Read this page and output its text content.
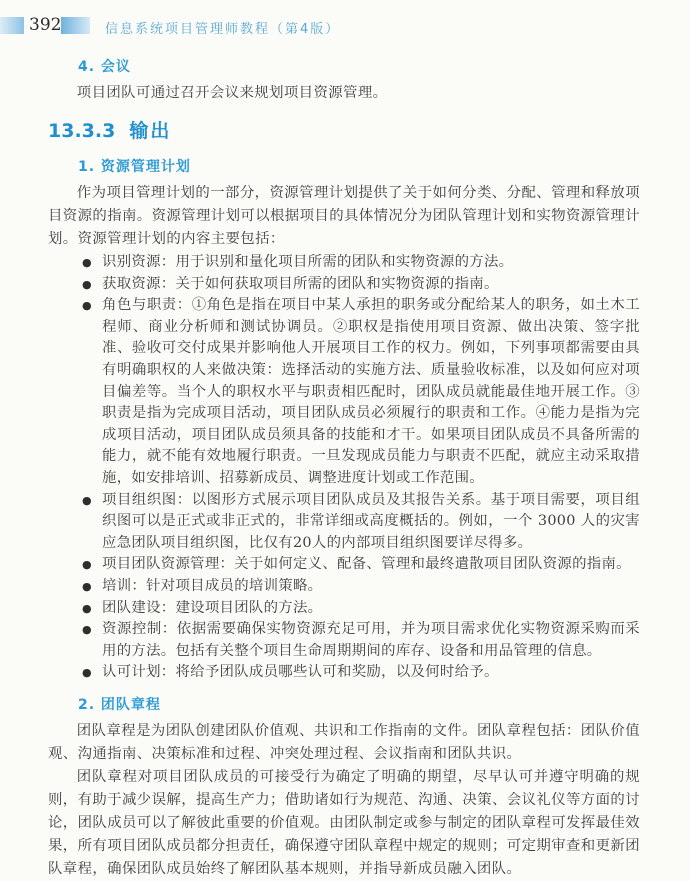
392	信息系统项目管理师教程（第4版）
4. 会议

项目团队可通过召开会议来规划项目资源管理。

13.3.3 输出
1. 资源管理计划

作为项目管理计划的一部分，资源管理计划提供了关于如何分类、分配、管理和释放项目资源的指南。资源管理计划可以根据项目的具体情况分为团队管理计划和实物资源管理计划。资源管理计划的内容主要包括：

● 识别资源：用于识别和量化项目所需的团队和实物资源的方法。
● 获取资源：关于如何获取项目所需的团队和实物资源的指南。
● 角色与职责：①角色是指在项目中某人承担的职务或分配给某人的职务，如土木工程师、商业分析师和测试协调员。②职权是指使用项目资源、做出决策、签字批准、验收可交付成果并影响他人开展项目工作的权力。例如，下列事项都需要由具有明确职权的人来做决策：选择活动的实施方法、质量验收标准，以及如何应对项目偏差等。当个人的职权水平与职责相匹配时，团队成员就能最佳地开展工作。③职责是指为完成项目活动，项目团队成员必须履行的职责和工作。④能力是指为完成项目活动，项目团队成员须具备的技能和才干。如果项目团队成员不具备所需的能力，就不能有效地履行职责。一旦发现成员能力与职责不匹配，就应主动采取措施，如安排培训、招募新成员、调整进度计划或工作范围。
● 项目组织图：以图形方式展示项目团队成员及其报告关系。基于项目需要，项目组织图可以是正式或非正式的，非常详细或高度概括的。例如，一个 3000 人的灾害应急团队项目组织图，比仅有20人的内部项目组织图要详尽得多。
● 项目团队资源管理：关于如何定义、配备、管理和最终遣散项目团队资源的指南。
● 培训：针对项目成员的培训策略。
● 团队建设：建设项目团队的方法。
● 资源控制：依据需要确保实物资源充足可用，并为项目需求优化实物资源采购而采用的方法。包括有关整个项目生命周期期间的库存、设备和用品管理的信息。
● 认可计划：将给予团队成员哪些认可和奖励，以及何时给予。
2. 团队章程

团队章程是为团队创建团队价值观、共识和工作指南的文件。团队章程包括：团队价值观、沟通指南、决策标准和过程、冲突处理过程、会议指南和团队共识。

团队章程对项目团队成员的可接受行为确定了明确的期望，尽早认可并遵守明确的规则，有助于减少误解，提高生产力；借助诸如行为规范、沟通、决策、会议礼仪等方面的讨论，团队成员可以了解彼此重要的价值观。由团队制定或参与制定的团队章程可发挥最佳效果，所有项目团队成员都分担责任，确保遵守团队章程中规定的规则；可定期审查和更新团队章程，确保团队成员始终了解团队基本规则，并指导新成员融入团队。
